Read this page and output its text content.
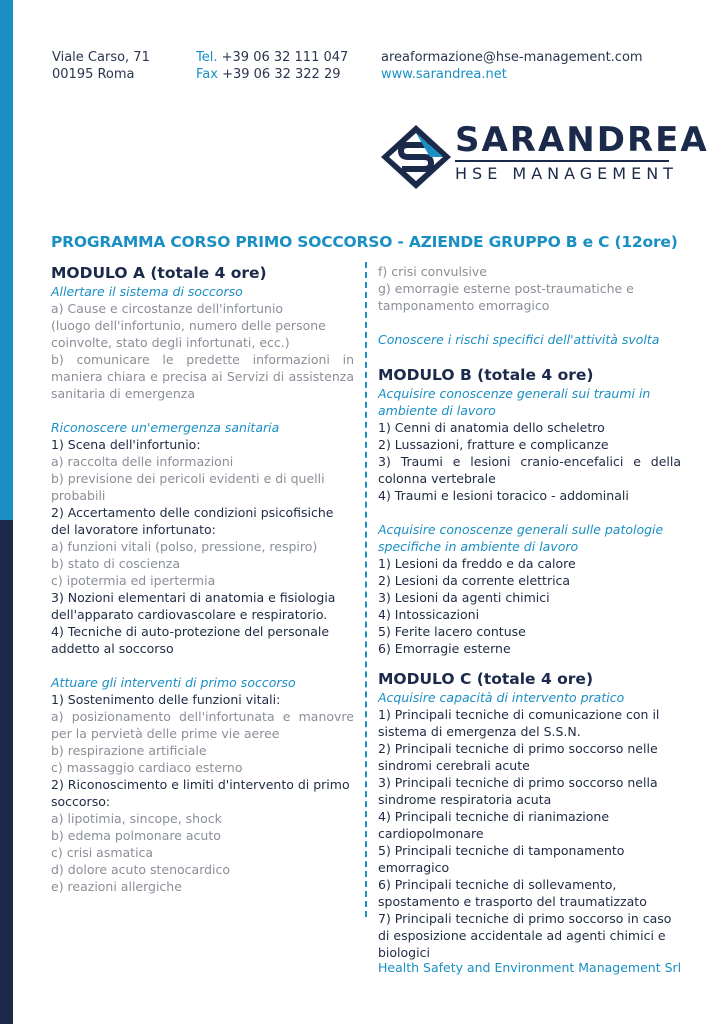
Viale Carso, 71
00195 Roma
Tel. +39 06 32 111 047
Fax +39 06 32 322 29
areaformazione@hse-management.com
www.sarandrea.net
SARANDREA
HSE MANAGEMENT
PROGRAMMA CORSO PRIMO SOCCORSO - AZIENDE GRUPPO B e C (12ore)

MODULO A (totale 4 ore)

Allertare il sistema di soccorso

a) Cause e circostanze dell'infortunio

(luogo dell'infortunio, numero delle persone coinvolte, stato degli infortunati, ecc.)

b) comunicare le predette informazioni in maniera chiara e precisa ai Servizi di assistenza sanitaria di emergenza

Riconoscere un'emergenza sanitaria

1) Scena dell'infortunio:

a) raccolta delle informazioni

b) previsione dei pericoli evidenti e di quelli probabili

2) Accertamento delle condizioni psicofisiche del lavoratore infortunato:

a) funzioni vitali (polso, pressione, respiro)

b) stato di coscienza

c) ipotermia ed ipertermia

3) Nozioni elementari di anatomia e fisiologia dell'apparato cardiovascolare e respiratorio.

4) Tecniche di auto-protezione del personale addetto al soccorso

Attuare gli interventi di primo soccorso

1) Sostenimento delle funzioni vitali:

a) posizionamento dell'infortunata e manovre per la pervietà delle prime vie aeree

b) respirazione artificiale

c) massaggio cardiaco esterno

2) Riconoscimento e limiti d'intervento di primo soccorso:

a) lipotimia, sincope, shock

b) edema polmonare acuto

c) crisi asmatica

d) dolore acuto stenocardico

e) reazioni allergiche

f) crisi convulsive

g) emorragie esterne post-traumatiche e tamponamento emorragico

Conoscere i rischi specifici dell'attività svolta

MODULO B (totale 4 ore)

Acquisire conoscenze generali sui traumi in ambiente di lavoro

1) Cenni di anatomia dello scheletro

2) Lussazioni, fratture e complicanze

3) Traumi e lesioni cranio-encefalici e della colonna vertebrale

4) Traumi e lesioni toracico - addominali

Acquisire conoscenze generali sulle patologie specifiche in ambiente di lavoro

1) Lesioni da freddo e da calore

2) Lesioni da corrente elettrica

3) Lesioni da agenti chimici

4) Intossicazioni

5) Ferite lacero contuse

6) Emorragie esterne

MODULO C (totale 4 ore)

Acquisire capacità di intervento pratico

1) Principali tecniche di comunicazione con il sistema di emergenza del S.S.N.

2) Principali tecniche di primo soccorso nelle sindromi cerebrali acute

3) Principali tecniche di primo soccorso nella sindrome respiratoria acuta

4) Principali tecniche di rianimazione cardiopolmonare

5) Principali tecniche di tamponamento emorragico

6) Principali tecniche di sollevamento, spostamento e trasporto del traumatizzato

7) Principali tecniche di primo soccorso in caso di esposizione accidentale ad agenti chimici e biologici

Health Safety and Environment Management Srl
